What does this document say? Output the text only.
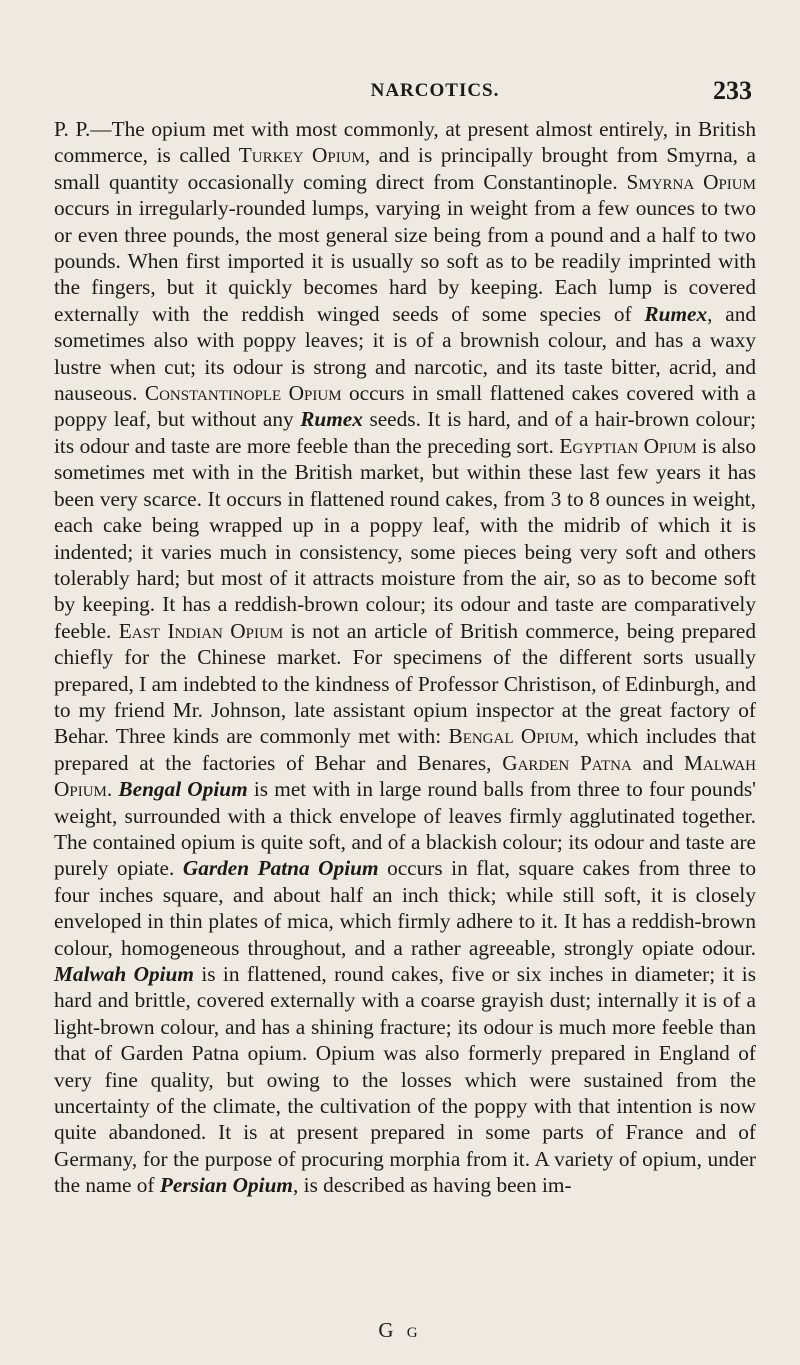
NARCOTICS.	233

P. P.—The opium met with most commonly, at present almost entirely, in British commerce, is called Turkey Opium, and is principally brought from Smyrna, a small quantity occasionally coming direct from Constantinople. Smyrna Opium occurs in irregularly-rounded lumps, varying in weight from a few ounces to two or even three pounds, the most general size being from a pound and a half to two pounds. When first imported it is usually so soft as to be readily imprinted with the fingers, but it quickly becomes hard by keeping. Each lump is covered externally with the reddish winged seeds of some species of Rumex, and sometimes also with poppy leaves; it is of a brownish colour, and has a waxy lustre when cut; its odour is strong and narcotic, and its taste bitter, acrid, and nauseous. Constantinople Opium occurs in small flattened cakes covered with a poppy leaf, but without any Rumex seeds. It is hard, and of a hair-brown colour; its odour and taste are more feeble than the preceding sort. Egyptian Opium is also sometimes met with in the British market, but within these last few years it has been very scarce. It occurs in flattened round cakes, from 3 to 8 ounces in weight, each cake being wrapped up in a poppy leaf, with the midrib of which it is indented; it varies much in consistency, some pieces being very soft and others tolerably hard; but most of it attracts moisture from the air, so as to become soft by keeping. It has a reddish-brown colour; its odour and taste are comparatively feeble. East Indian Opium is not an article of British commerce, being prepared chiefly for the Chinese market. For specimens of the different sorts usually prepared, I am indebted to the kindness of Professor Christison, of Edinburgh, and to my friend Mr. Johnson, late assistant opium inspector at the great factory of Behar. Three kinds are commonly met with: Bengal Opium, which includes that prepared at the factories of Behar and Benares, Garden Patna and Malwah Opium. Bengal Opium is met with in large round balls from three to four pounds' weight, surrounded with a thick envelope of leaves firmly agglutinated together. The contained opium is quite soft, and of a blackish colour; its odour and taste are purely opiate. Garden Patna Opium occurs in flat, square cakes from three to four inches square, and about half an inch thick; while still soft, it is closely enveloped in thin plates of mica, which firmly adhere to it. It has a reddish-brown colour, homogeneous throughout, and a rather agreeable, strongly opiate odour. Malwah Opium is in flattened, round cakes, five or six inches in diameter; it is hard and brittle, covered externally with a coarse grayish dust; internally it is of a light-brown colour, and has a shining fracture; its odour is much more feeble than that of Garden Patna opium. Opium was also formerly prepared in England of very fine quality, but owing to the losses which were sustained from the uncertainty of the climate, the cultivation of the poppy with that intention is now quite abandoned. It is at present prepared in some parts of France and of Germany, for the purpose of procuring morphia from it. A variety of opium, under the name of Persian Opium, is described as having been im-

G g
